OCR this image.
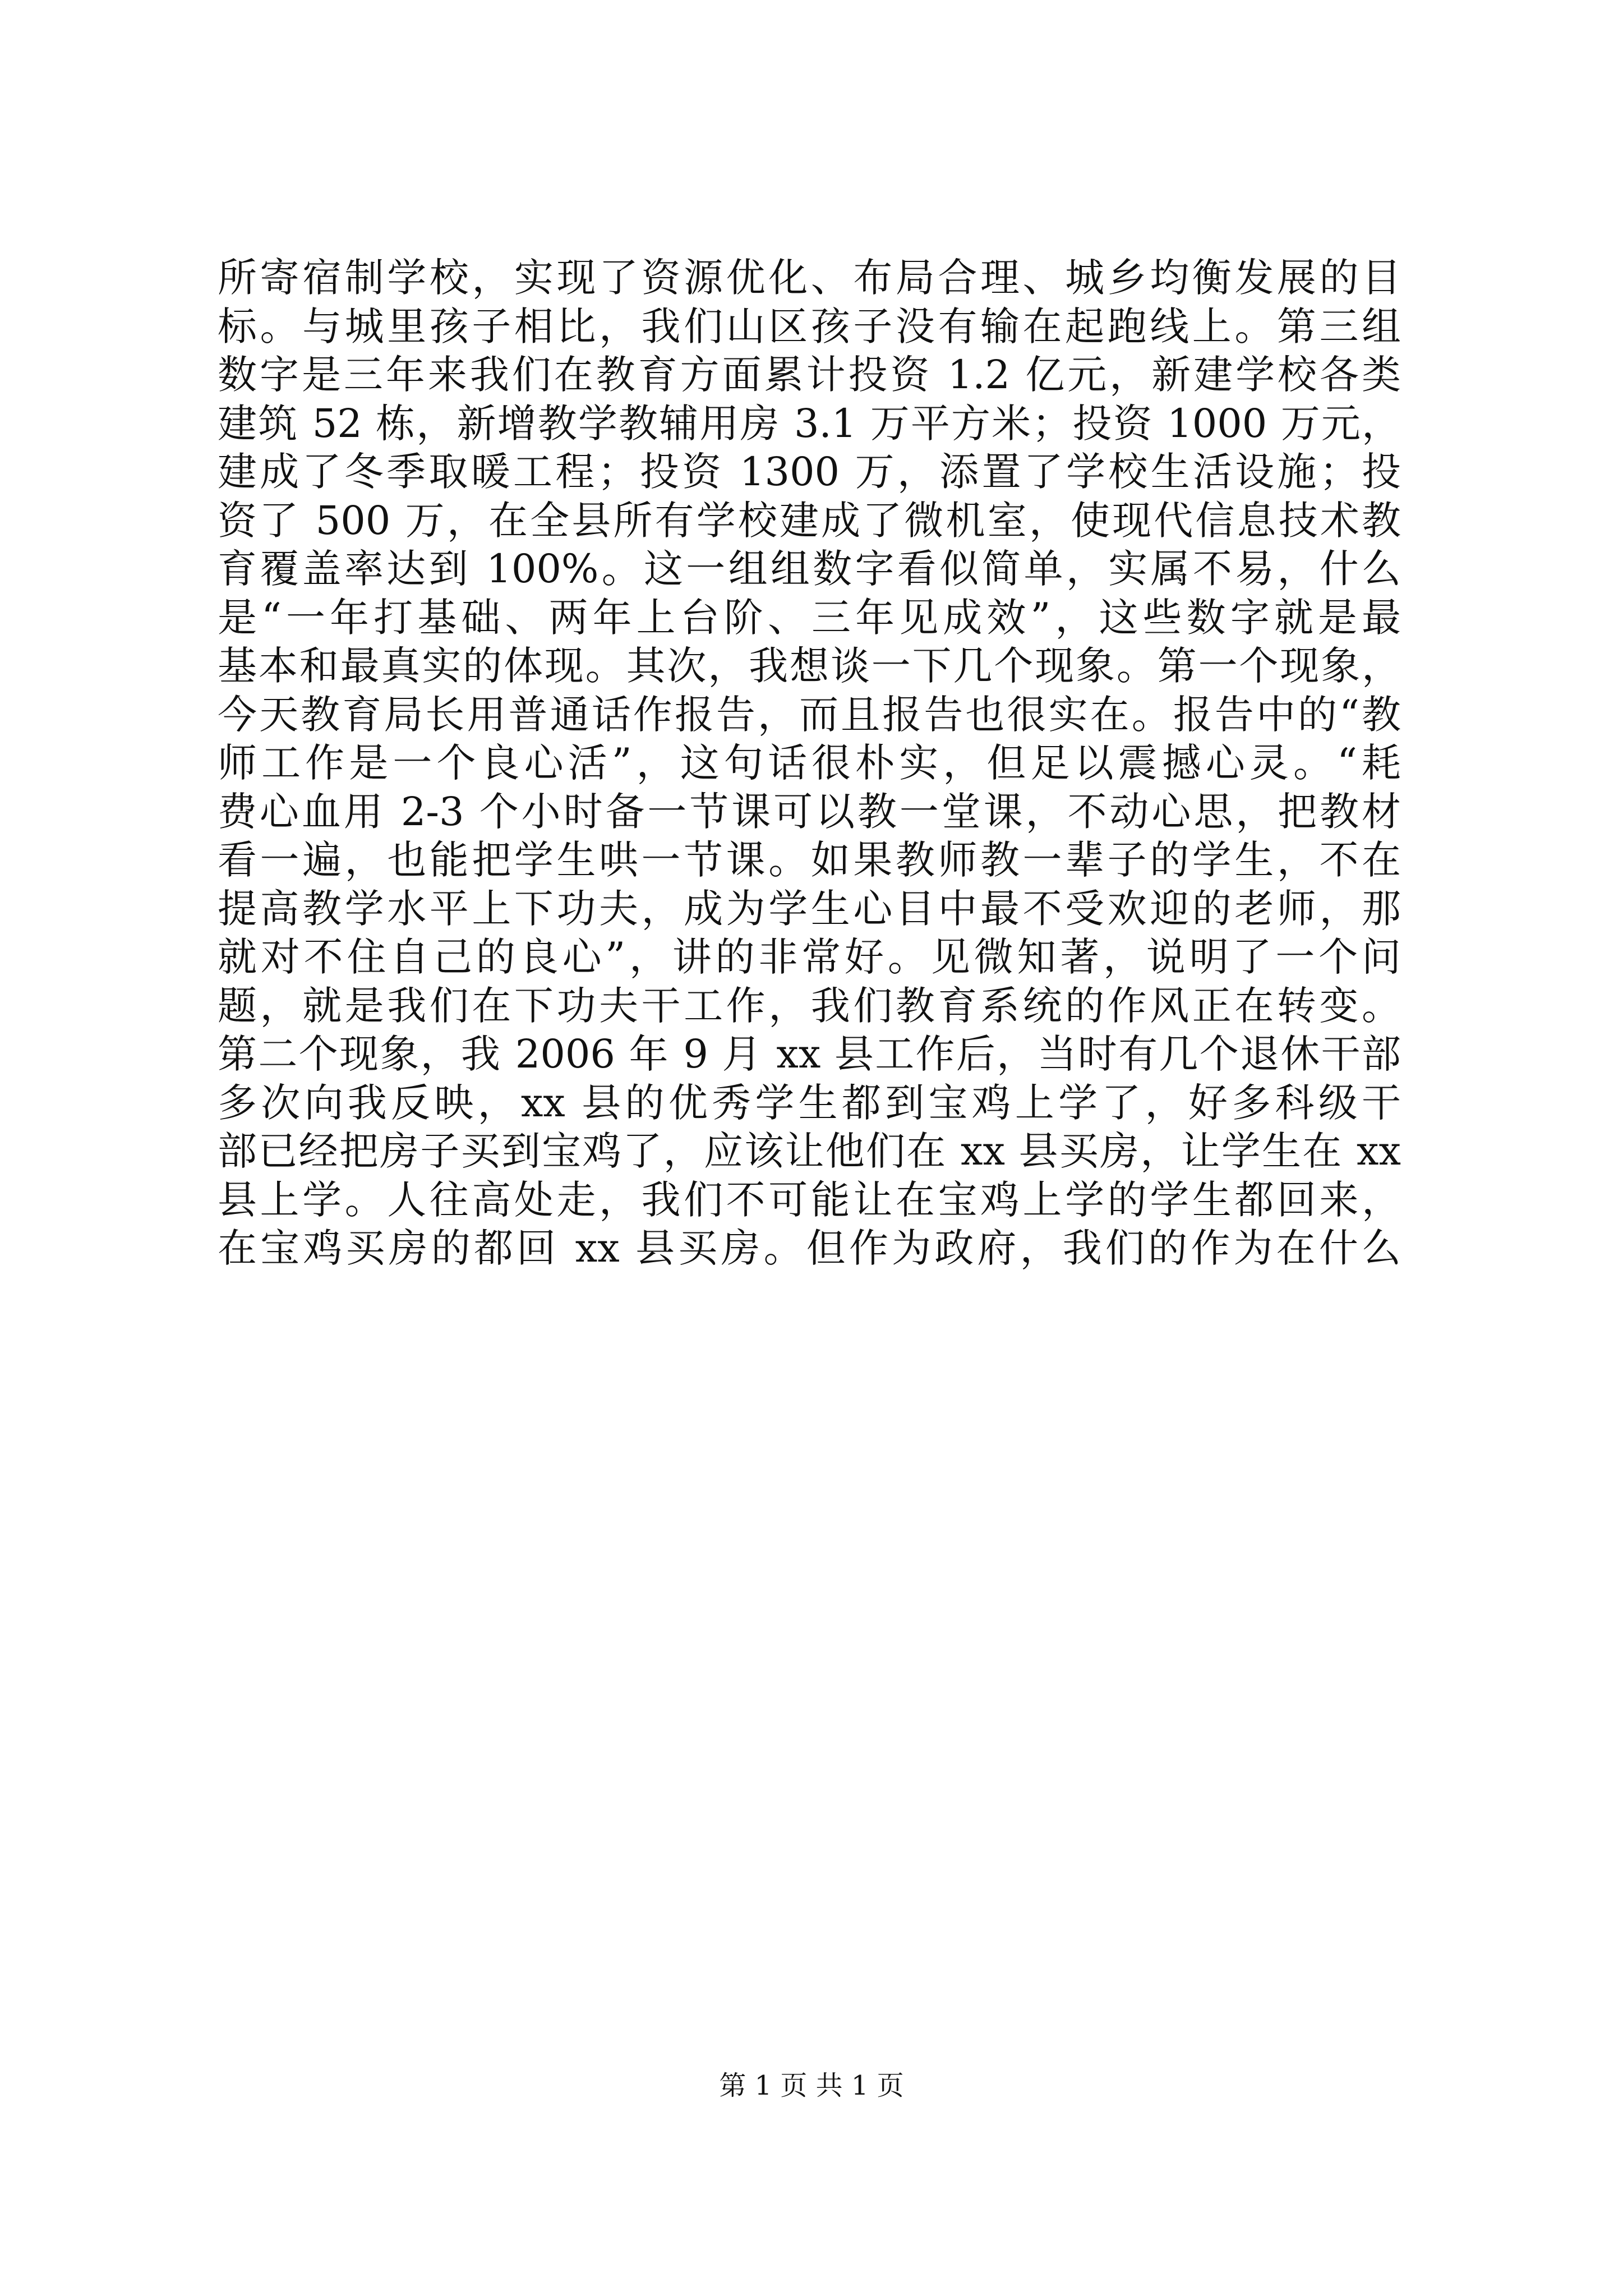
所寄宿制学校，实现了资源优化、布局合理、城乡均衡发展的目
标。与城里孩子相比，我们山区孩子没有输在起跑线上。第三组
数字是三年来我们在教育方面累计投资 1.2 亿元，新建学校各类
建筑 52 栋，新增教学教辅用房 3.1 万平方米；投资 1000 万元，
建成了冬季取暖工程；投资 1300 万，添置了学校生活设施；投
资了 500 万，在全县所有学校建成了微机室，使现代信息技术教
育覆盖率达到 100%。这一组组数字看似简单，实属不易，什么
是“一年打基础、两年上台阶、三年见成效”，这些数字就是最
基本和最真实的体现。其次，我想谈一下几个现象。第一个现象，
今天教育局长用普通话作报告，而且报告也很实在。报告中的“教
师工作是一个良心活”，这句话很朴实，但足以震撼心灵。“耗
费心血用 2-3 个小时备一节课可以教一堂课，不动心思，把教材
看一遍，也能把学生哄一节课。如果教师教一辈子的学生，不在
提高教学水平上下功夫，成为学生心目中最不受欢迎的老师，那
就对不住自己的良心”，讲的非常好。见微知著，说明了一个问
题，就是我们在下功夫干工作，我们教育系统的作风正在转变。
第二个现象，我 2006 年 9 月 xx 县工作后，当时有几个退休干部
多次向我反映，xx 县的优秀学生都到宝鸡上学了，好多科级干
部已经把房子买到宝鸡了，应该让他们在 xx 县买房，让学生在 xx
县上学。人往高处走，我们不可能让在宝鸡上学的学生都回来，
在宝鸡买房的都回 xx 县买房。但作为政府，我们的作为在什么
第 1 页 共 1 页
